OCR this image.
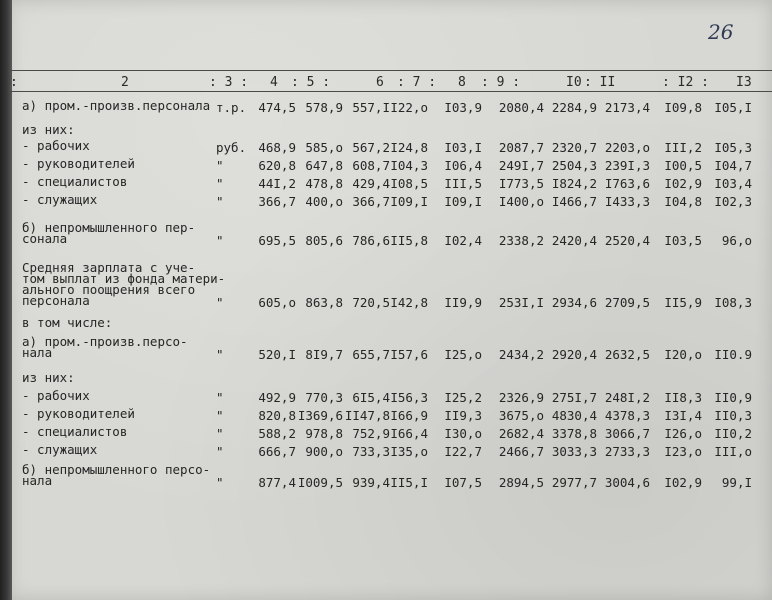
26
:	2	: 3 : 4 : 5 :	6 : 7 : 8 : 9 :	I0 : II	: I2 : I3
а) пром.-произв.персонала т.р. 474,5 578,9 557,I I22,o	I03,9	2080,4 2284,9 2173,4	I09,8 I05,I
из них:
- рабочих	руб. 468,9 585,o 567,2 I24,8	I03,I	2087,7 2320,7 2203,o	III,2 I05,3
- руководителей	"	620,8 647,8 608,7 I04,3	I06,4	249I,7 2504,3 239I,3	I00,5 I04,7
- специалистов	"	44I,2 478,8 429,4 I08,5	III,5	I773,5 I824,2 I763,6	I02,9 I03,4
- служащих	"	366,7 400,o 366,7 I09,I	I09,I	I400,o I466,7 I433,3	I04,8 I02,3
б) непромышленного пер-
сонала	"	695,5 805,6 786,6 II5,8	I02,4	2338,2 2420,4 2520,4	I03,5	96,o
Средняя зарплата с уче-
том выплат из фонда матери-
ального поощрения всего
персонала	"	605,o 863,8 720,5 I42,8	II9,9	253I,I 2934,6 2709,5	II5,9 I08,3
в том числе:
а) пром.-произв.персо-
нала	"	520,I 8I9,7 655,7 I57,6	I25,o	2434,2 2920,4 2632,5	I20,o II0.9
из них:
- рабочих	"	492,9 770,3 6I5,4 I56,3	I25,2	2326,9 275I,7 248I,2	II8,3 II0,9
- руководителей	"	820,8 I369,6 II47,8 I66,9	II9,3	3675,o 4830,4 4378,3	I3I,4 II0,3
- специалистов	"	588,2 978,8 752,9 I66,4	I30,o	2682,4 3378,8 3066,7	I26,o II0,2
- служащих	"	666,7 900,o 733,3 I35,o	I22,7	2466,7 3033,3 2733,3	I23,o III,o
б) непромышленного персо-
нала	"	877,4 I009,5 939,4 II5,I	I07,5	2894,5 2977,7 3004,6	I02,9	99,I
